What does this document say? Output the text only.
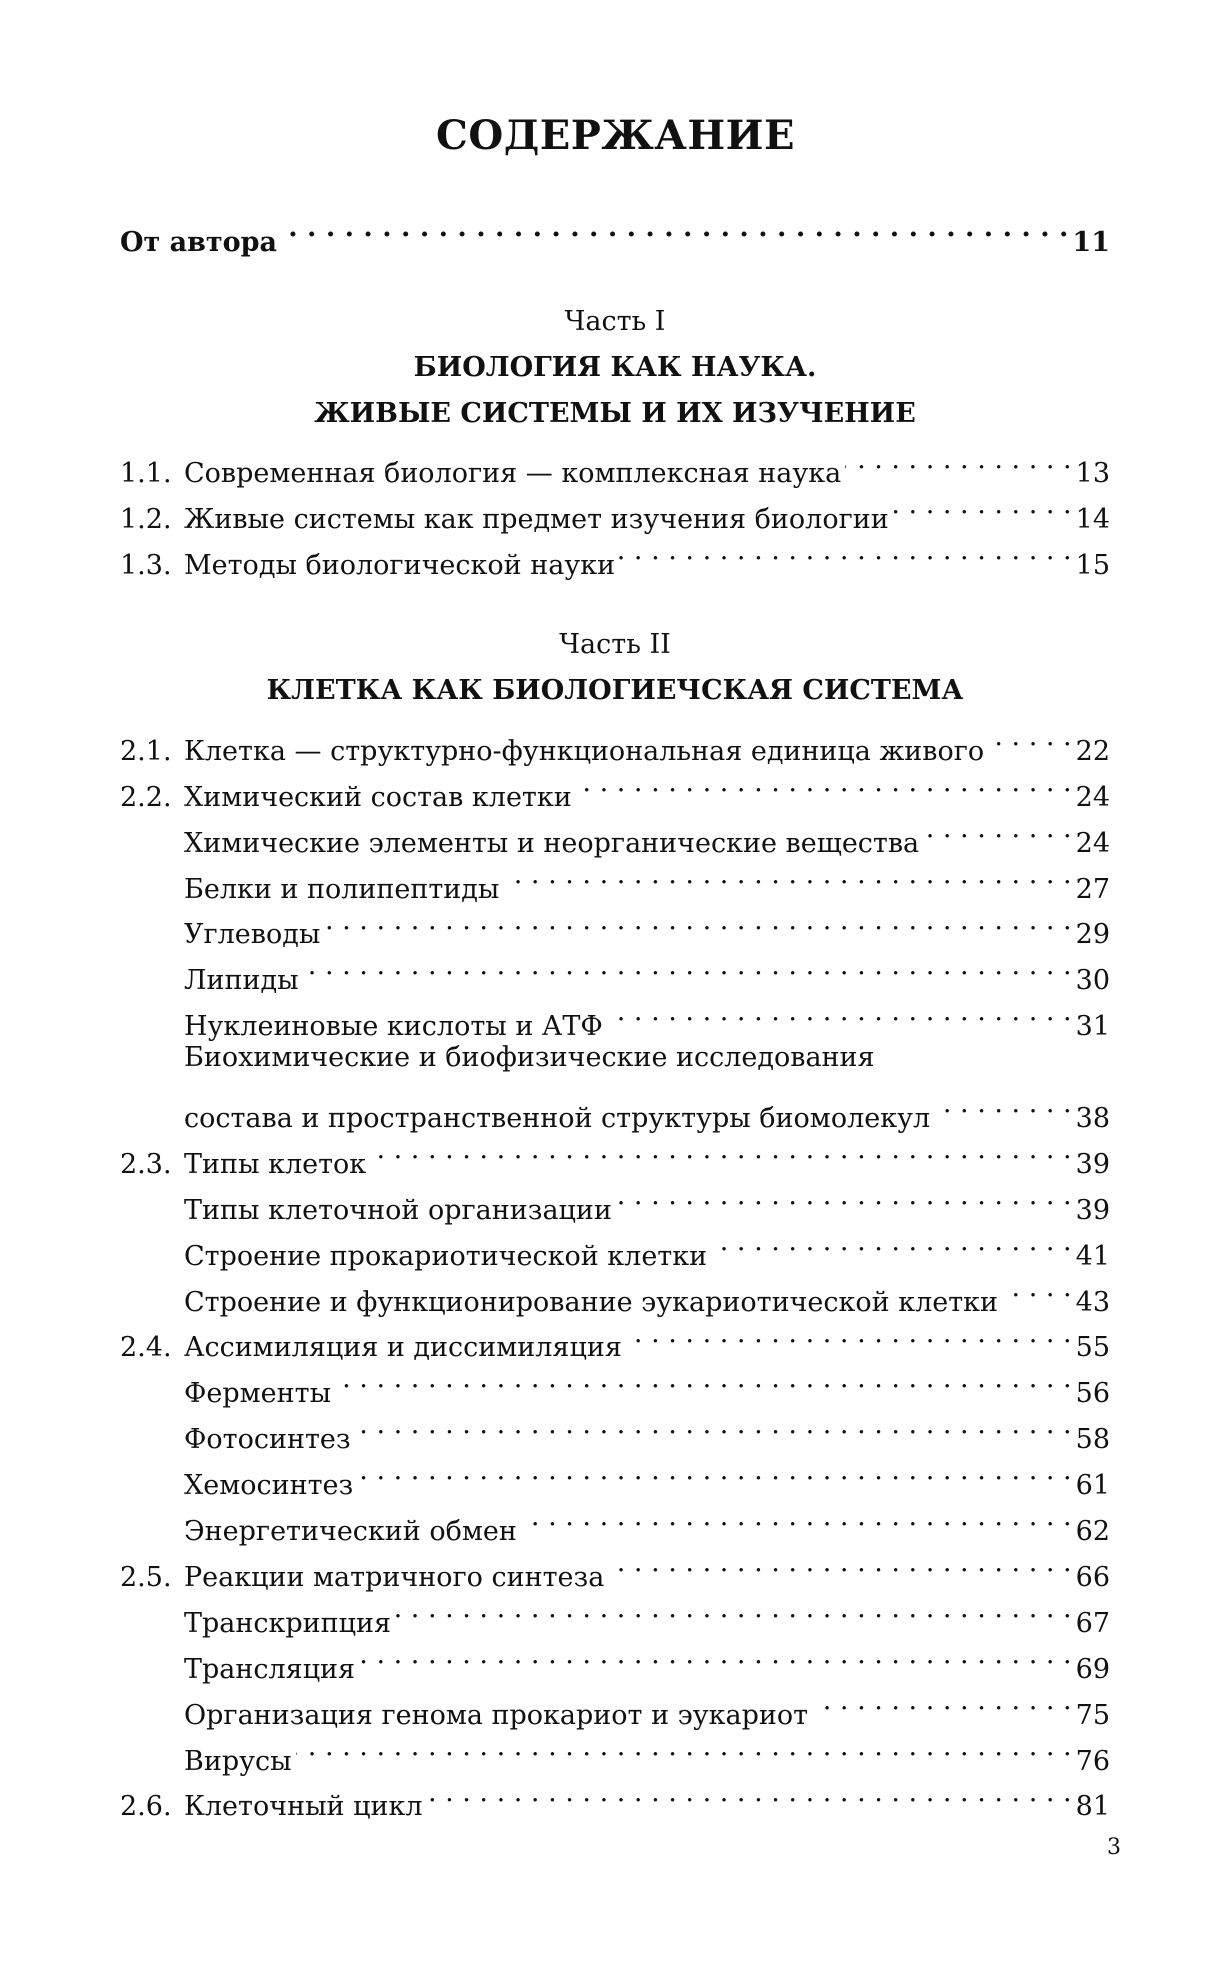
СОДЕРЖАНИЕ
От автора . . .	11
Часть I
БИОЛОГИЯ КАК НАУКА.
ЖИВЫЕ СИСТЕМЫ И ИХ ИЗУЧЕНИЕ
1.1. Современная биология — комплексная наука . . .	13
1.2. Живые системы как предмет изучения биологии . . .	14
1.3. Методы биологической науки . . .	15
Часть II
КЛЕТКА КАК БИОЛОГИЕЧСКАЯ СИСТЕМА
2.1. Клетка — структурно-функциональная единица живого . . .	22
2.2. Химический состав клетки . . .	24
Химические элементы и неорганические вещества . . .	24
Белки и полипептиды . . .	27
Углеводы . . .	29
Липиды . . .	30
Нуклеиновые кислоты и АТФ . . .	31
Биохимические и биофизические исследования
состава и пространственной структуры биомолекул . . .	38
2.3. Типы клеток . . .	39
Типы клеточной организации . . .	39
Строение прокариотической клетки . . .	41
Строение и функционирование эукариотической клетки . . .	43
2.4. Ассимиляция и диссимиляция . . .	55
Ферменты . . .	56
Фотосинтез . . .	58
Хемосинтез . . .	61
Энергетический обмен . . .	62
2.5. Реакции матричного синтеза . . .	66
Транскрипция . . .	67
Трансляция . . .	69
Организация генома прокариот и эукариот . . .	75
Вирусы . . .	76
2.6. Клеточный цикл . . .	81
3
